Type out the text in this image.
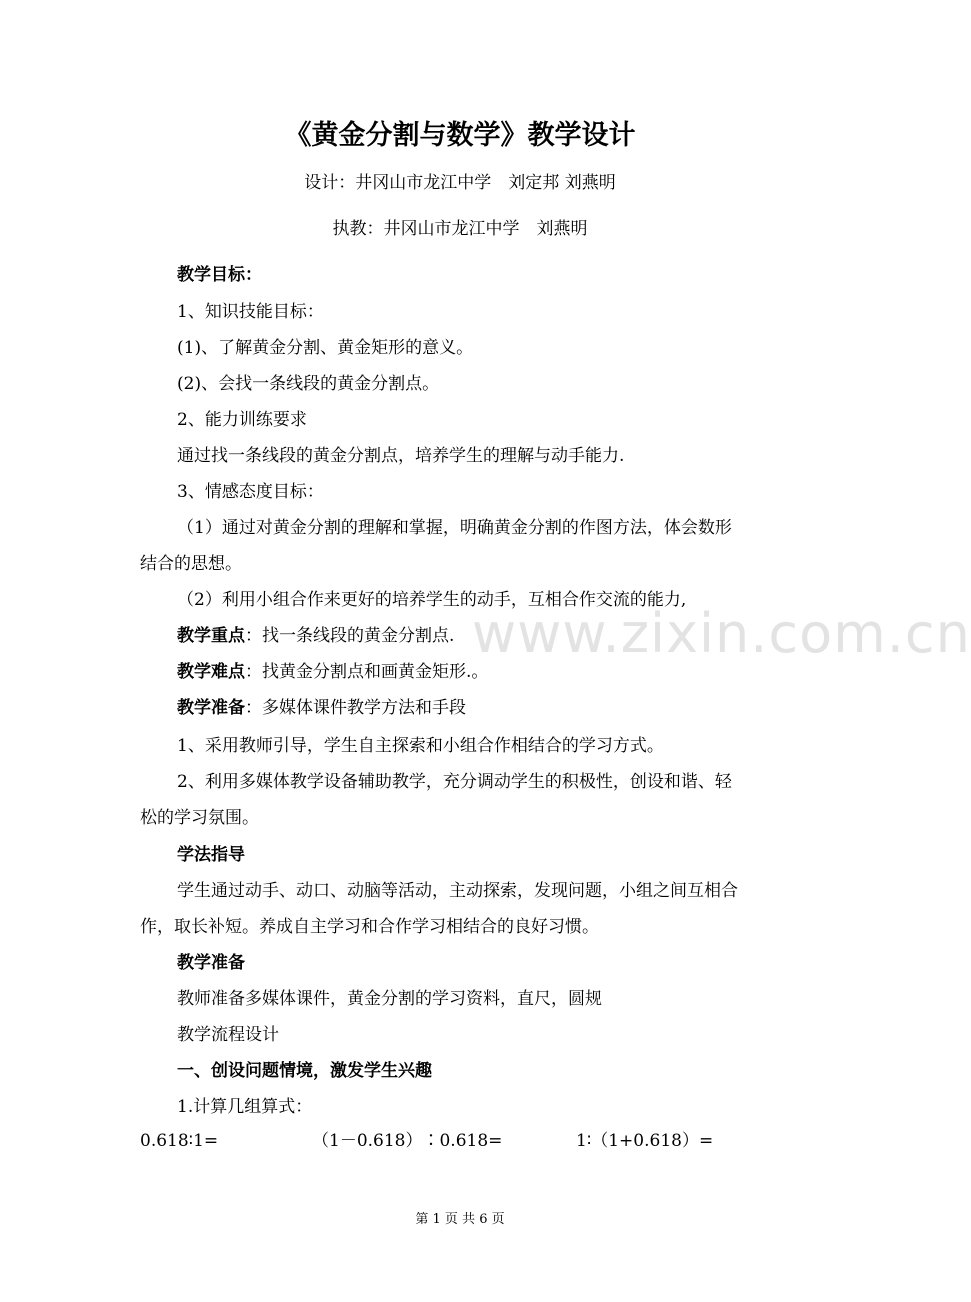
www.zixin.com.cn
《黄金分割与数学》教学设计
设计：井冈山市龙江中学　刘定邦 刘燕明
执教：井冈山市龙江中学　刘燕明
教学目标：
1、知识技能目标：
(1)、了解黄金分割、黄金矩形的意义。
(2)、会找一条线段的黄金分割点。
2、能力训练要求
通过找一条线段的黄金分割点，培养学生的理解与动手能力.
3、情感态度目标：
（1）通过对黄金分割的理解和掌握，明确黄金分割的作图方法，体会数形
结合的思想。
（2）利用小组合作来更好的培养学生的动手，互相合作交流的能力,
教学重点：找一条线段的黄金分割点.
教学难点：找黄金分割点和画黄金矩形.。
教学准备：多媒体课件教学方法和手段
1、采用教师引导，学生自主探索和小组合作相结合的学习方式。
2、利用多媒体教学设备辅助教学，充分调动学生的积极性，创设和谐、轻
松的学习氛围。
学法指导
学生通过动手、动口、动脑等活动，主动探索，发现问题，小组之间互相合
作，取长补短。养成自主学习和合作学习相结合的良好习惯。
教学准备
教师准备多媒体课件，黄金分割的学习资料，直尺，圆规
教学流程设计
一、创设问题情境，激发学生兴趣
1.计算几组算式：
0.618∶1=	（1－0.618）∶0.618=	1∶（1+0.618）=
第 1 页 共 6 页
